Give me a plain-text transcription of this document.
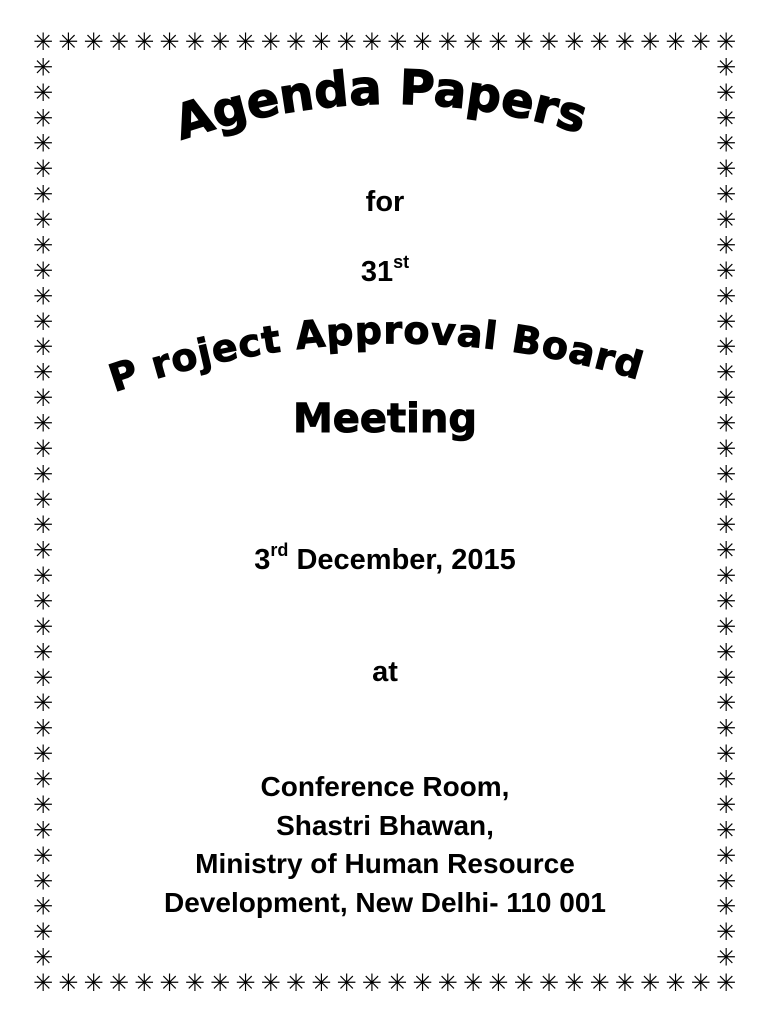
✳
✳
✳
✳
✳
✳
✳
✳
✳
✳
✳
✳
✳
✳
✳
✳
✳
✳
✳
✳
✳
✳
✳
✳
✳
✳
✳
✳
✳
✳
✳
✳
✳
✳
✳
✳
✳
✳
✳
✳
✳
✳
✳
✳
✳
✳
✳
✳
✳
✳
✳
✳
✳
✳
✳
✳
✳	✳
✳	✳
✳	✳
✳	✳
✳	✳
✳	✳
✳	✳
✳	✳
✳	✳
✳	✳
✳	✳
✳	✳
✳	✳
✳	✳
✳	✳
✳	✳
✳	✳
✳	✳
✳	✳
✳	✳
✳	✳
✳	✳
✳	✳
✳	✳
✳	✳
✳	✳
✳	✳
✳	✳
✳	✳
✳	✳
✳	✳
✳	✳
✳	✳
✳	✳
✳	✳
✳	✳
Agenda Papers
P roject Approval Board
Meeting
for
31st
3rd December, 2015
at
Conference Room,
Shastri Bhawan,
Ministry of Human Resource
Development, New Delhi- 110 001
